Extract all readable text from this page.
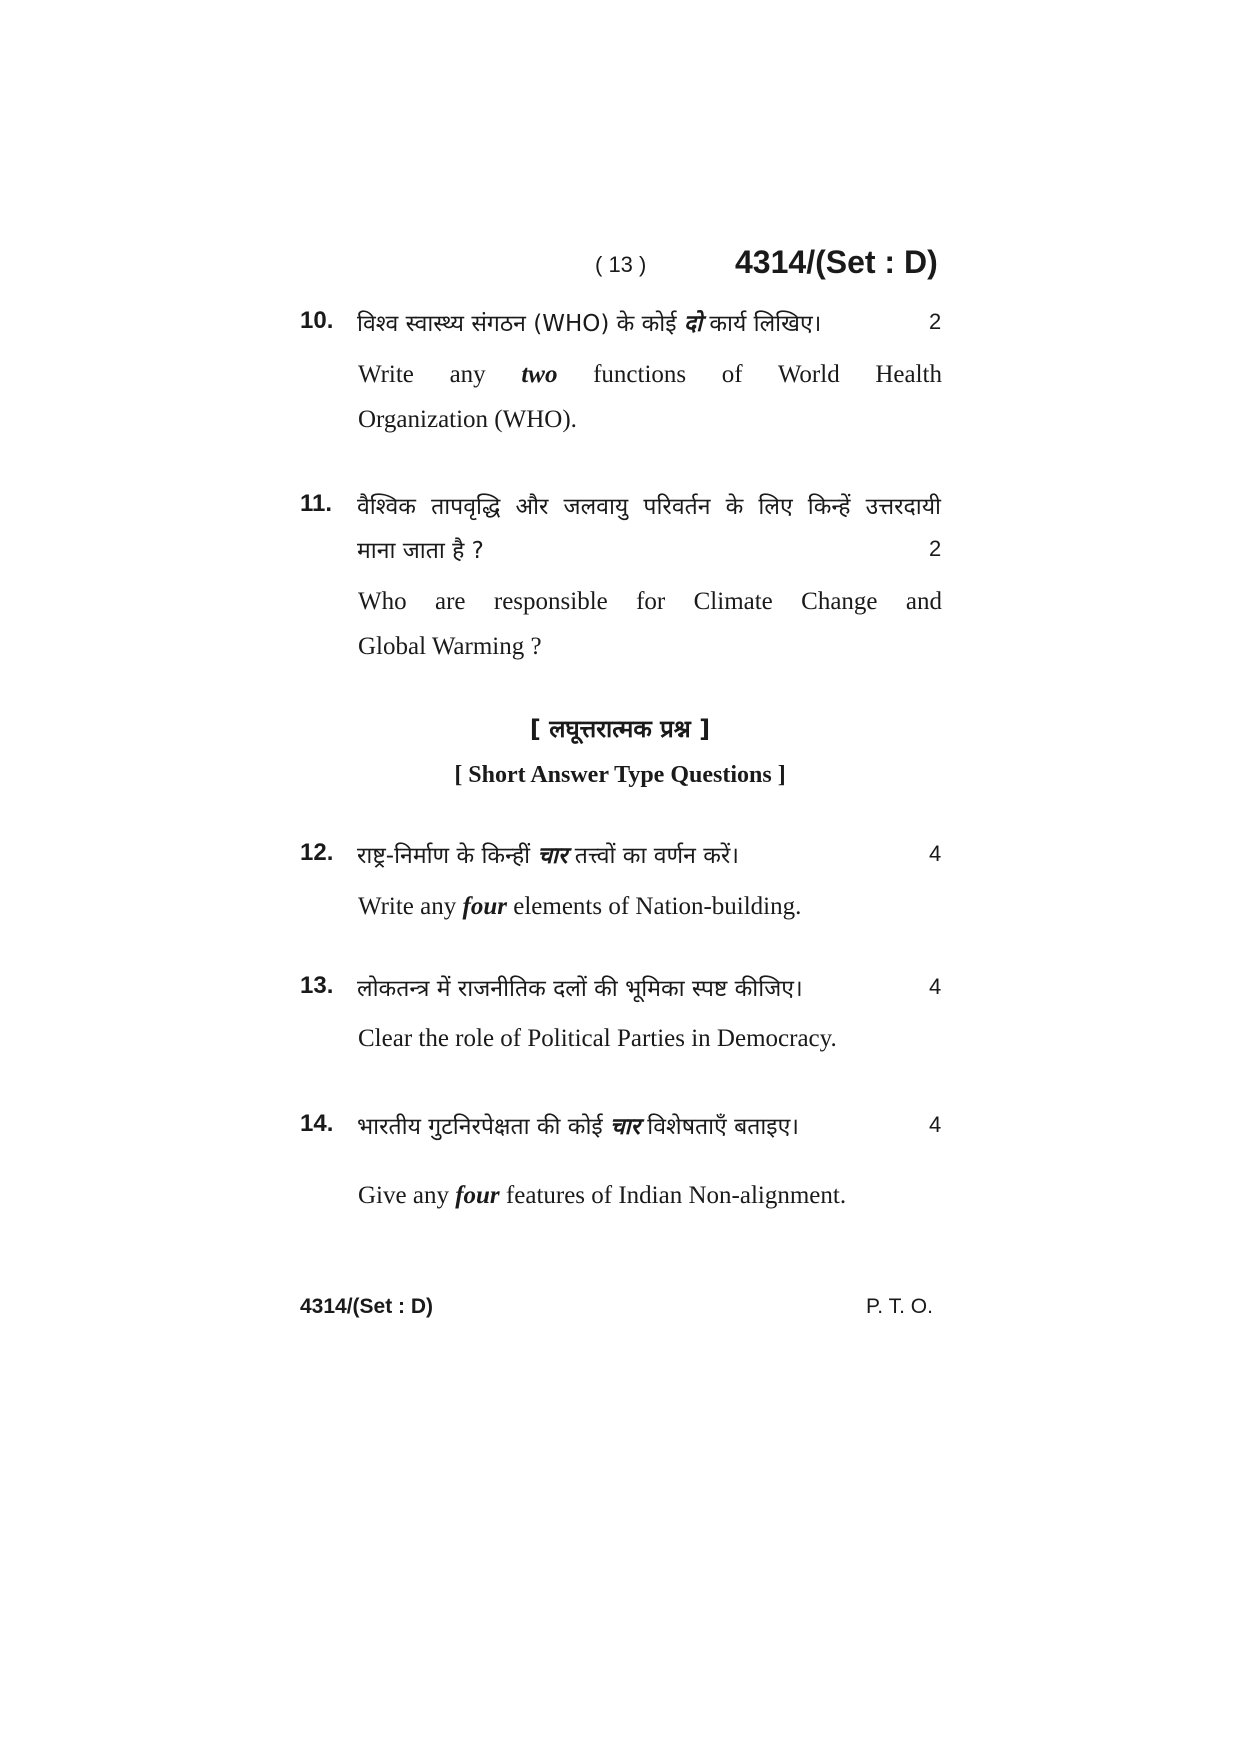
( 13 )	4314/(Set : D)
10. विश्व स्वास्थ्य संगठन (WHO) के कोई दो कार्य लिखिए।	2
Write any two functions of World Health
Organization (WHO).
11. वैश्विक तापवृद्धि और जलवायु परिवर्तन के लिए किन्हें उत्तरदायी
माना जाता है ?	2
Who are responsible for Climate Change and
Global Warming ?
[ लघूत्तरात्मक प्रश्न ]
[ Short Answer Type Questions ]
12. राष्ट्र-निर्माण के किन्हीं चार तत्त्वों का वर्णन करें।	4
Write any four elements of Nation-building.
13. लोकतन्त्र में राजनीतिक दलों की भूमिका स्पष्ट कीजिए।	4
Clear the role of Political Parties in Democracy.
14. भारतीय गुटनिरपेक्षता की कोई चार विशेषताएँ बताइए।	4
Give any four features of Indian Non-alignment.
4314/(Set : D)	P. T. O.
